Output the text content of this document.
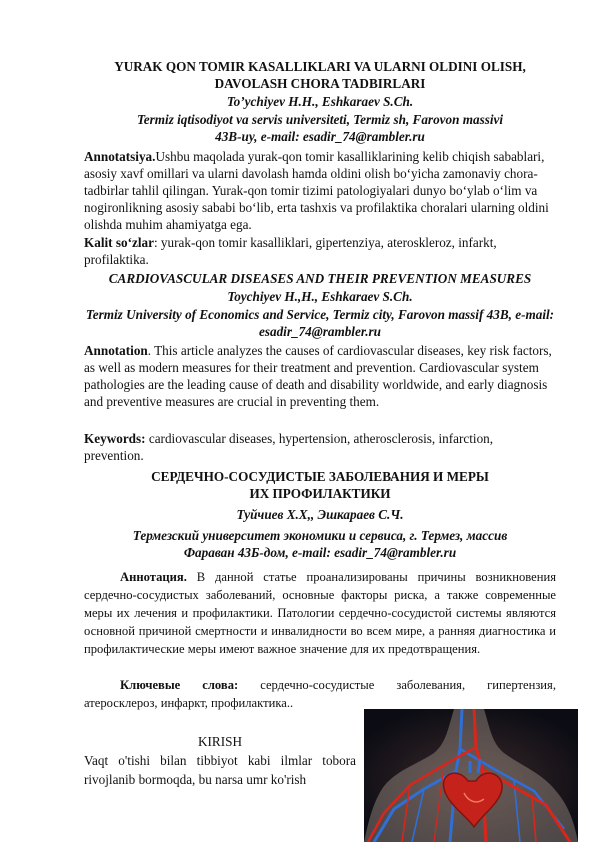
YURAK QON TOMIR KASALLIKLARI VA ULARNI OLDINI OLISH, DAVOLASH CHORA TADBIRLARI
To’ychiyev H.H., Eshkaraev S.Ch.
Termiz iqtisodiyot va servis universiteti, Termiz sh, Farovon massivi
43B-uy, e-mail: esadir_74@rambler.ru

Annotatsiya.Ushbu maqolada yurak-qon tomir kasalliklarining kelib chiqish sabablari, asosiy xavf omillari va ularni davolash hamda oldini olish bo‘yicha zamonaviy chora-tadbirlar tahlil qilingan. Yurak-qon tomir tizimi patologiyalari dunyo bo‘ylab o‘lim va nogironlikning asosiy sababi bo‘lib, erta tashxis va profilaktika choralari ularning oldini olishda muhim ahamiyatga ega.

Kalit so‘zlar: yurak-qon tomir kasalliklari, gipertenziya, ateroskleroz, infarkt, profilaktika.

CARDIOVASCULAR DISEASES AND THEIR PREVENTION MEASURES
Toychiyev H.,H., Eshkaraev S.Ch.
Termiz University of Economics and Service, Termiz city, Farovon massif 43B, e-mail: esadir_74@rambler.ru

Annotation. This article analyzes the causes of cardiovascular diseases, key risk factors, as well as modern measures for their treatment and prevention. Cardiovascular system pathologies are the leading cause of death and disability worldwide, and early diagnosis and preventive measures are crucial in preventing them.

Keywords: cardiovascular diseases, hypertension, atherosclerosis, infarction, prevention.

СЕРДЕЧНО-СОСУДИСТЫЕ ЗАБОЛЕВАНИЯ И МЕРЫ ИХ ПРОФИЛАКТИКИ
Туйчиев Х.Х,, Эшкараев С.Ч.
Термезский университет экономики и сервиса, г. Термез, массив Фараван 43Б-дом, e-mail: esadir_74@rambler.ru

Аннотация. В данной статье проанализированы причины возникновения сердечно-сосудистых заболеваний, основные факторы риска, а также современные меры их лечения и профилактики. Патологии сердечно-сосудистой системы являются основной причиной смертности и инвалидности во всем мире, а ранняя диагностика и профилактические меры имеют важное значение для их предотвращения.

Ключевые слова: сердечно-сосудистые заболевания, гипертензия, атеросклероз, инфаркт, профилактика..

KIRISH

Vaqt o'tishi bilan tibbiyot kabi ilmlar tobora rivojlanib bormoqda, bu narsa umr ko'rish
